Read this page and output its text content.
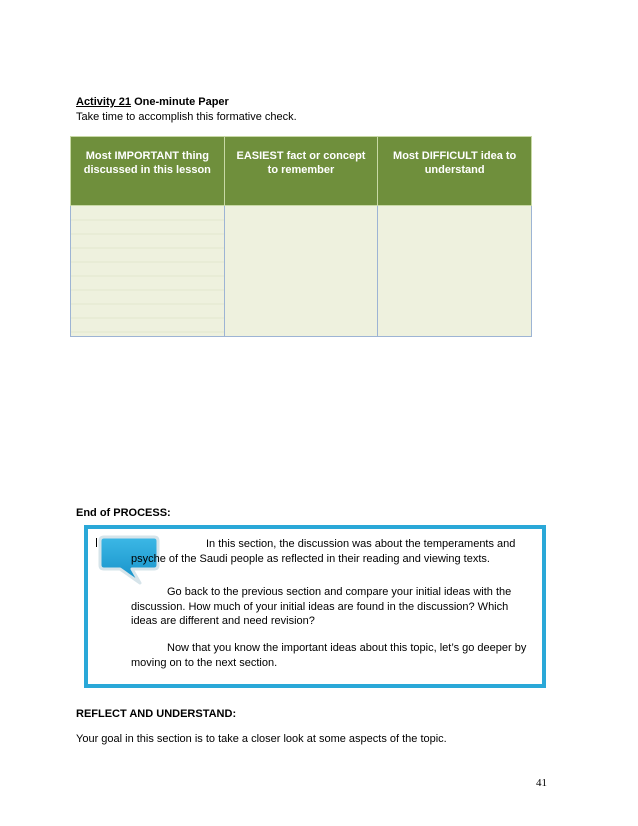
Activity 21 One-minute Paper
Take time to accomplish this formative check.
Most IMPORTANT thing discussed in this lesson	EASIEST fact or concept to remember	Most DIFFICULT idea to understand

End of PROCESS:
In this section, the discussion was about the temperaments and psyche of the Saudi people as reflected in their reading and viewing texts.
Go back to the previous section and compare your initial ideas with the discussion. How much of your initial ideas are found in the discussion? Which ideas are different and need revision?
Now that you know the important ideas about this topic, let’s go deeper by moving on to the next section.
REFLECT AND UNDERSTAND:
Your goal in this section is to take a closer look at some aspects of the topic.
41
